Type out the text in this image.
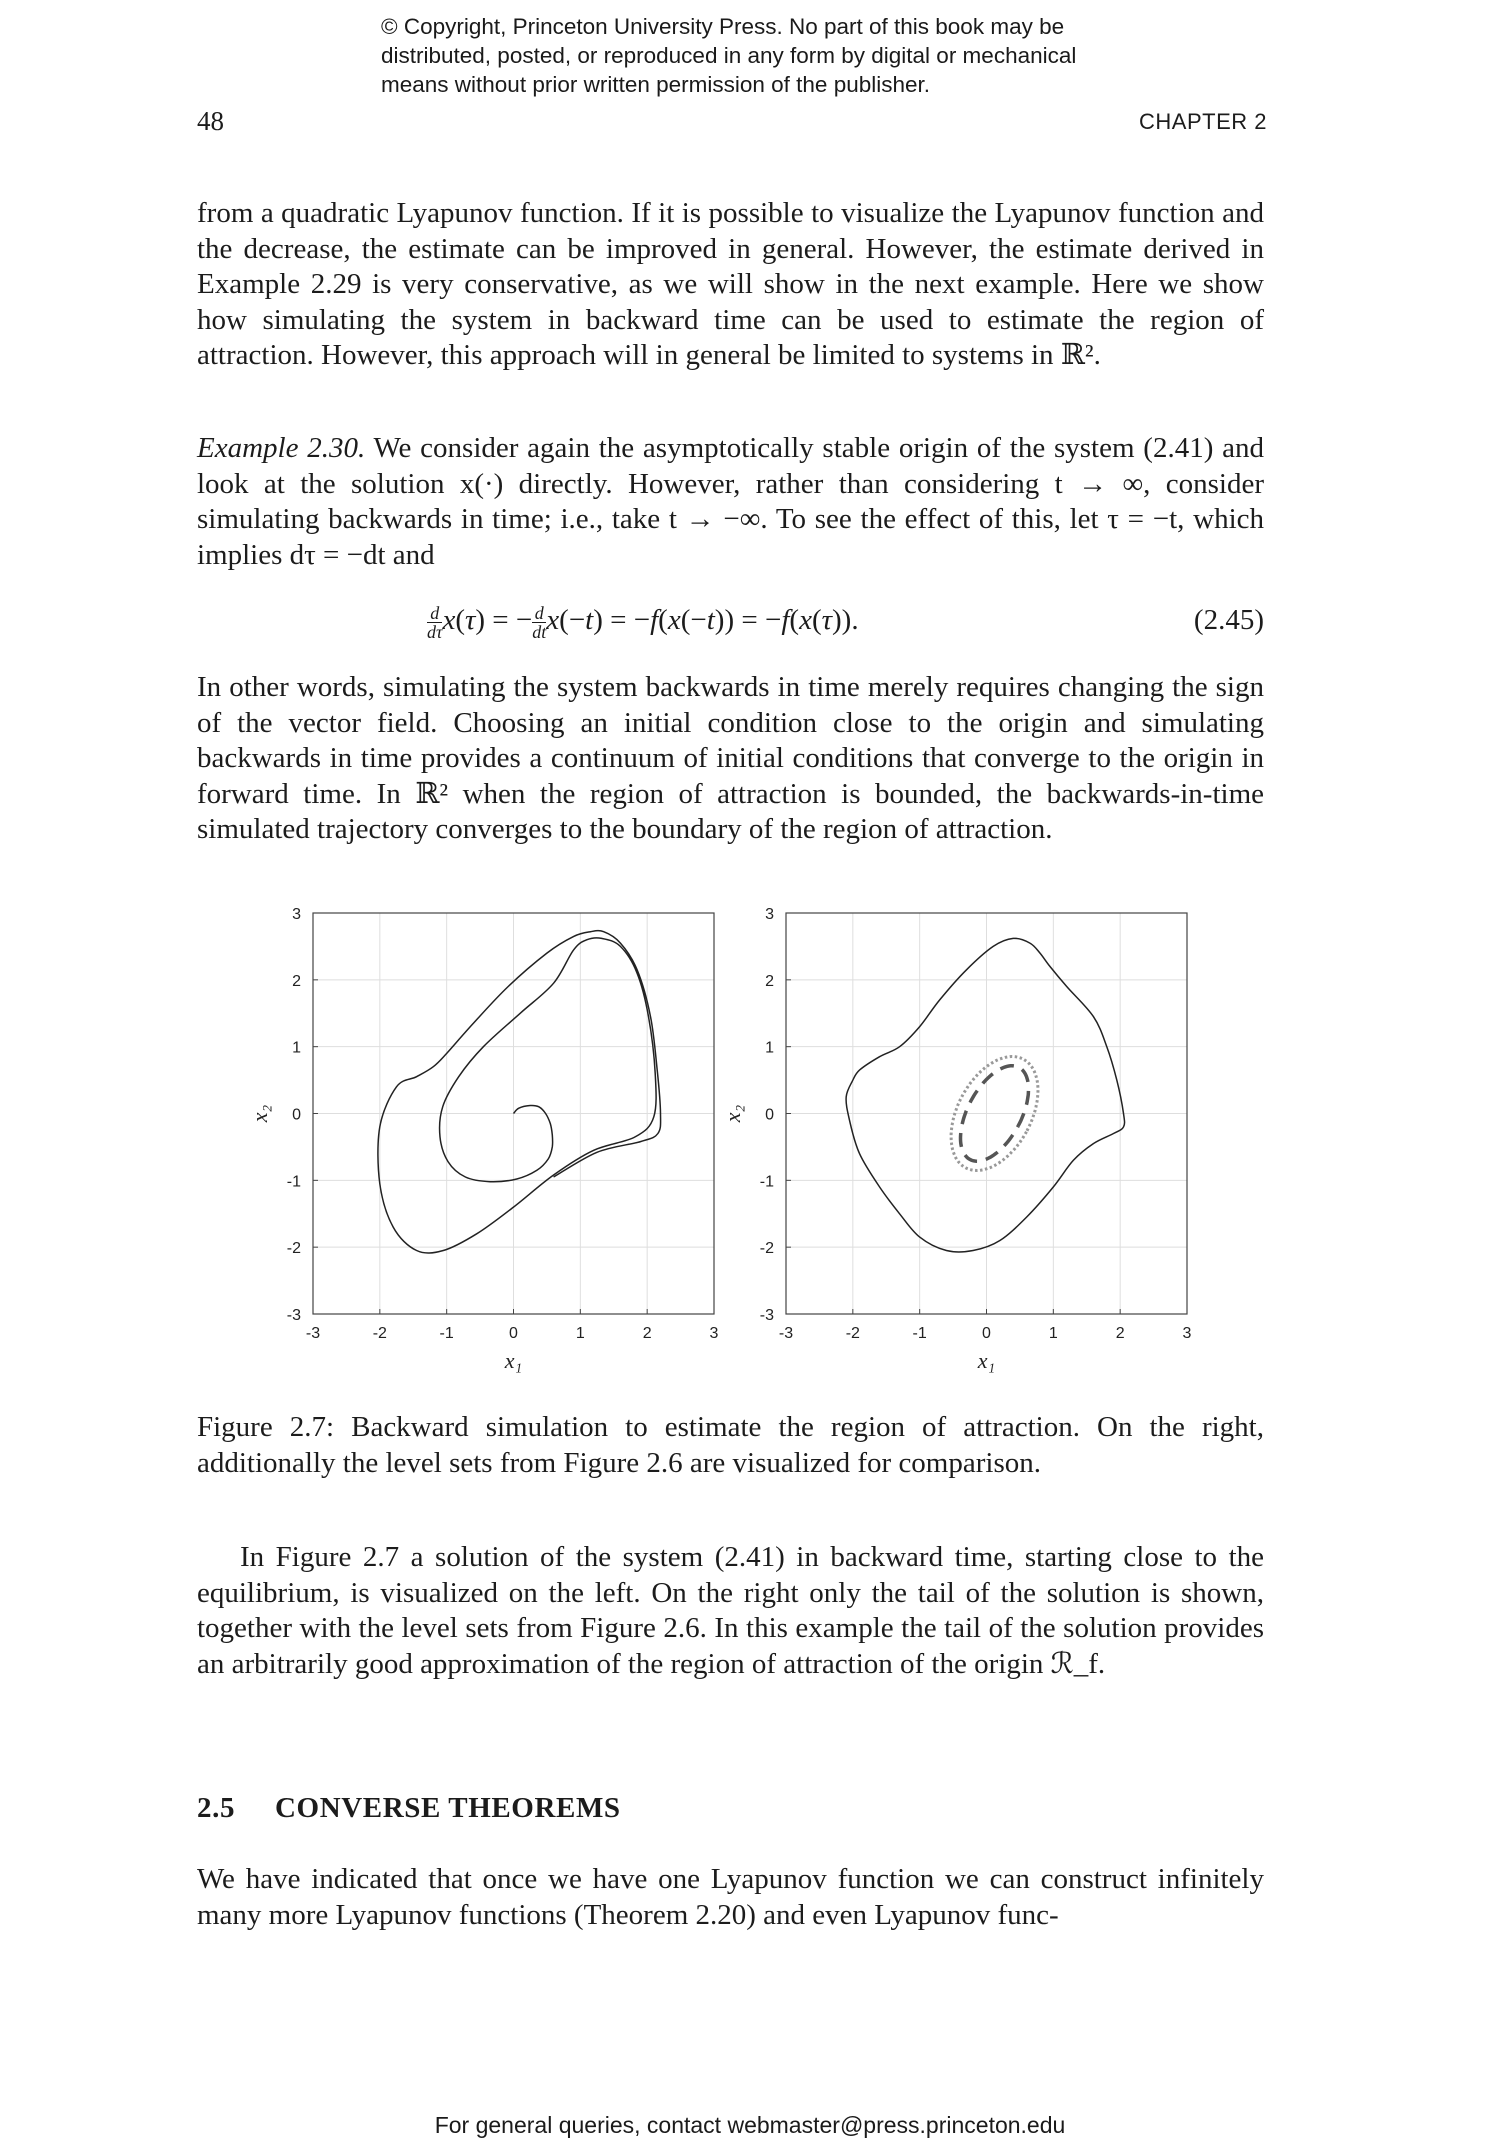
© Copyright, Princeton University Press. No part of this book may be
distributed, posted, or reproduced in any form by digital or mechanical
means without prior written permission of the publisher.
48	CHAPTER 2

from a quadratic Lyapunov function. If it is possible to visualize the Lyapunov function and the decrease, the estimate can be improved in general. However, the estimate derived in Example 2.29 is very conservative, as we will show in the next example. Here we show how simulating the system in backward time can be used to estimate the region of attraction. However, this approach will in general be limited to systems in ℝ².

Example 2.30. We consider again the asymptotically stable origin of the system (2.41) and look at the solution x(·) directly. However, rather than considering t → ∞, consider simulating backwards in time; i.e., take t → −∞. To see the effect of this, let τ = −t, which implies dτ = −dt and

$\frac{d}{d\tau} x(\tau)$ = − $\frac{d}{dt} x(-t) = -f(x(-t)) = -f(x(\tau))$.	(2.45)

In other words, simulating the system backwards in time merely requires changing the sign of the vector field. Choosing an initial condition close to the origin and simulating backwards in time provides a continuum of initial conditions that converge to the origin in forward time. In ℝ² when the region of attraction is bounded, the backwards-in-time simulated trajectory converges to the boundary of the region of attraction.

-3	-2	-1	0	1	2	3
3
2
1
0
-1
-2
-3
x₁
x₂
-3	-2	-1	0	1	2	3
3
2
1
0
-1
-2
-3
x₁
x₂

Figure 2.7: Backward simulation to estimate the region of attraction. On the right, additionally the level sets from Figure 2.6 are visualized for comparison.

In Figure 2.7 a solution of the system (2.41) in backward time, starting close to the equilibrium, is visualized on the left. On the right only the tail of the solution is shown, together with the level sets from Figure 2.6. In this example the tail of the solution provides an arbitrarily good approximation of the region of attraction of the origin ℛ_f.

2.5 CONVERSE THEOREMS

We have indicated that once we have one Lyapunov function we can construct infinitely many more Lyapunov functions (Theorem 2.20) and even Lyapunov func-

For general queries, contact webmaster@press.princeton.edu
